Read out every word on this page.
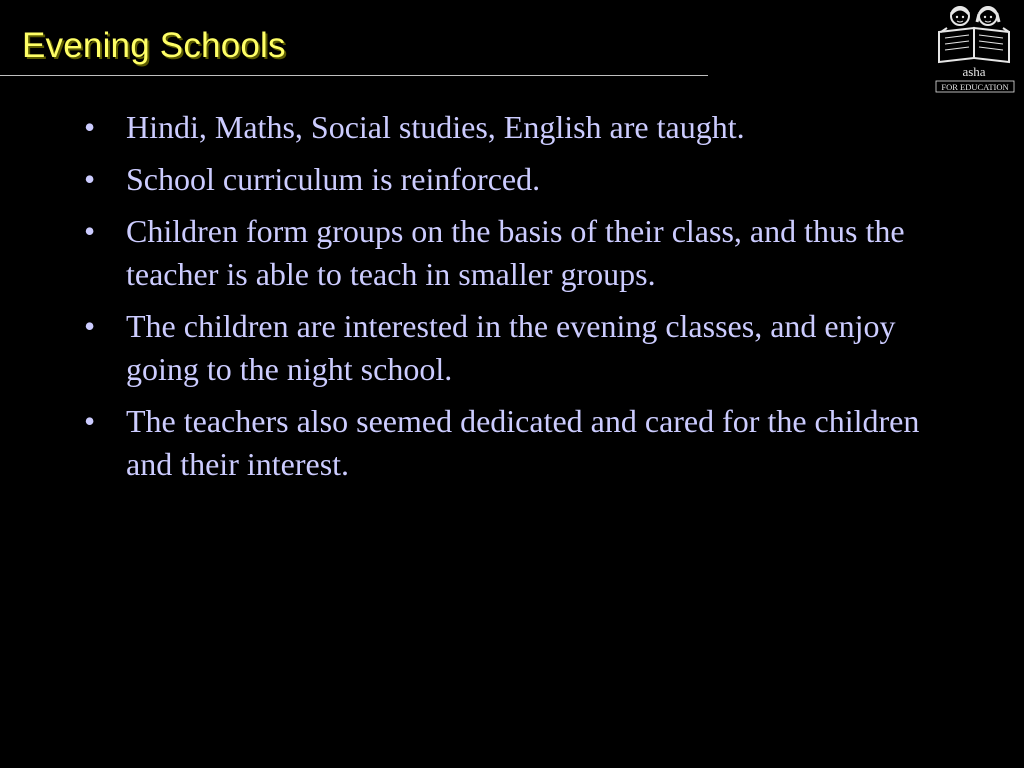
Evening Schools
asha
FOR EDUCATION
• Hindi, Maths, Social studies, English are taught.
• School curriculum is reinforced.
• Children form groups on the basis of their class, and thus the teacher is able to teach in smaller groups.
• The children are interested in the evening classes, and enjoy going to the night school.
• The teachers also seemed dedicated and cared for the children and their interest.
